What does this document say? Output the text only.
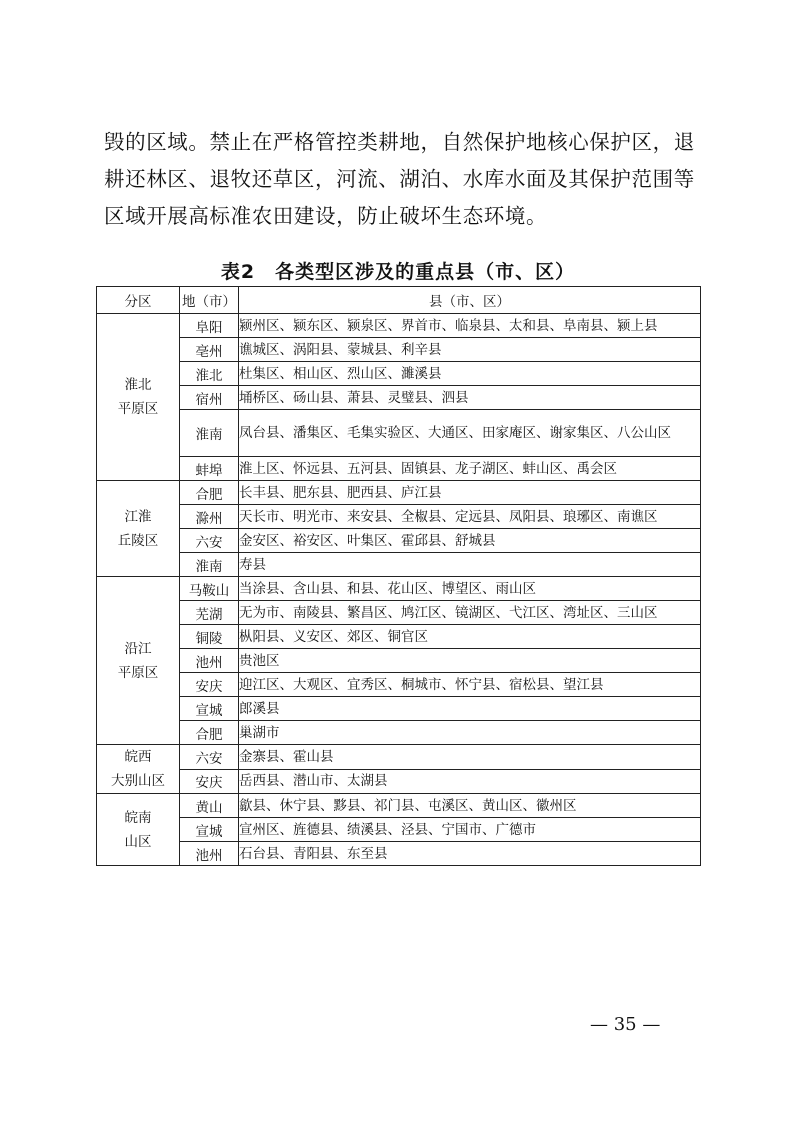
毁的区域。禁止在严格管控类耕地，自然保护地核心保护区，退

耕还林区、退牧还草区，河流、湖泊、水库水面及其保护范围等

区域开展高标准农田建设，防止破坏生态环境。

表2　各类型区涉及的重点县（市、区）
分区	地（市）	县（市、区）

淮北
平原区	阜阳	颍州区、颍东区、颍泉区、界首市、临泉县、太和县、阜南县、颍上县
	亳州	谯城区、涡阳县、蒙城县、利辛县
	淮北	杜集区、相山区、烈山区、濉溪县
	宿州	埇桥区、砀山县、萧县、灵璧县、泗县
	淮南	凤台县、潘集区、毛集实验区、大通区、田家庵区、谢家集区、八公山区
	蚌埠	淮上区、怀远县、五河县、固镇县、龙子湖区、蚌山区、禹会区

江淮
丘陵区	合肥	长丰县、肥东县、肥西县、庐江县
	滁州	天长市、明光市、来安县、全椒县、定远县、凤阳县、琅琊区、南谯区
	六安	金安区、裕安区、叶集区、霍邱县、舒城县
	淮南	寿县

沿江
平原区	马鞍山	当涂县、含山县、和县、花山区、博望区、雨山区
	芜湖	无为市、南陵县、繁昌区、鸠江区、镜湖区、弋江区、湾址区、三山区
	铜陵	枞阳县、义安区、郊区、铜官区
	池州	贵池区
	安庆	迎江区、大观区、宜秀区、桐城市、怀宁县、宿松县、望江县
	宣城	郎溪县
	合肥	巢湖市

皖西
大别山区	六安	金寨县、霍山县
	安庆	岳西县、潜山市、太湖县

皖南
山区	黄山	歙县、休宁县、黟县、祁门县、屯溪区、黄山区、徽州区
	宣城	宣州区、旌德县、绩溪县、泾县、宁国市、广德市
	池州	石台县、青阳县、东至县
— 35 —
